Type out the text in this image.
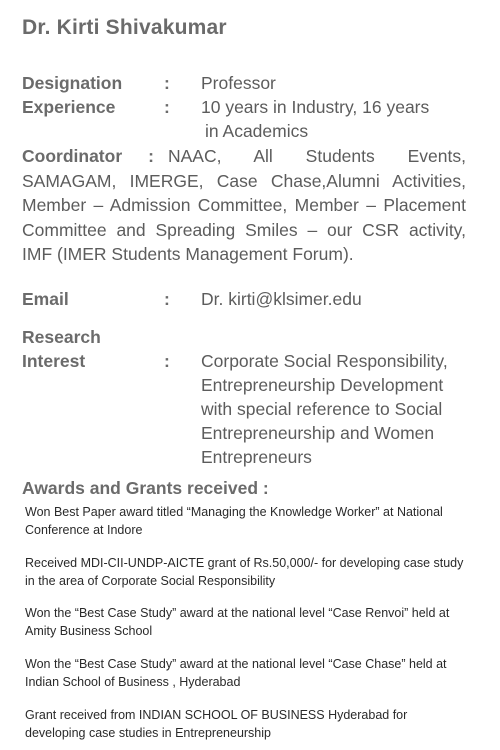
Dr. Kirti Shivakumar
Designation : Professor
Experience	: 10 years in Industry, 16 years
in Academics
Coordinator : NAAC, All Students Events, SAMAGAM, IMERGE, Case Chase,Alumni Activities, Member – Admission Committee, Member – Placement Committee and Spreading Smiles – our CSR activity, IMF (IMER Students Management Forum).
Email	: Dr. kirti@klsimer.edu
Research
Interest	: Corporate Social Responsibility,
Entrepreneurship Development
with special reference to Social
Entrepreneurship and Women
Entrepreneurs
Awards and Grants received :
Won Best Paper award titled “Managing the Knowledge Worker” at National Conference at Indore
Received MDI-CII-UNDP-AICTE grant of Rs.50,000/- for developing case study in the area of Corporate Social Responsibility
Won the “Best Case Study” award at the national level “Case Renvoi” held at Amity Business School
Won the “Best Case Study” award at the national level “Case Chase” held at Indian School of Business , Hyderabad
Grant received from INDIAN SCHOOL OF BUSINESS Hyderabad for developing case studies in Entrepreneurship
